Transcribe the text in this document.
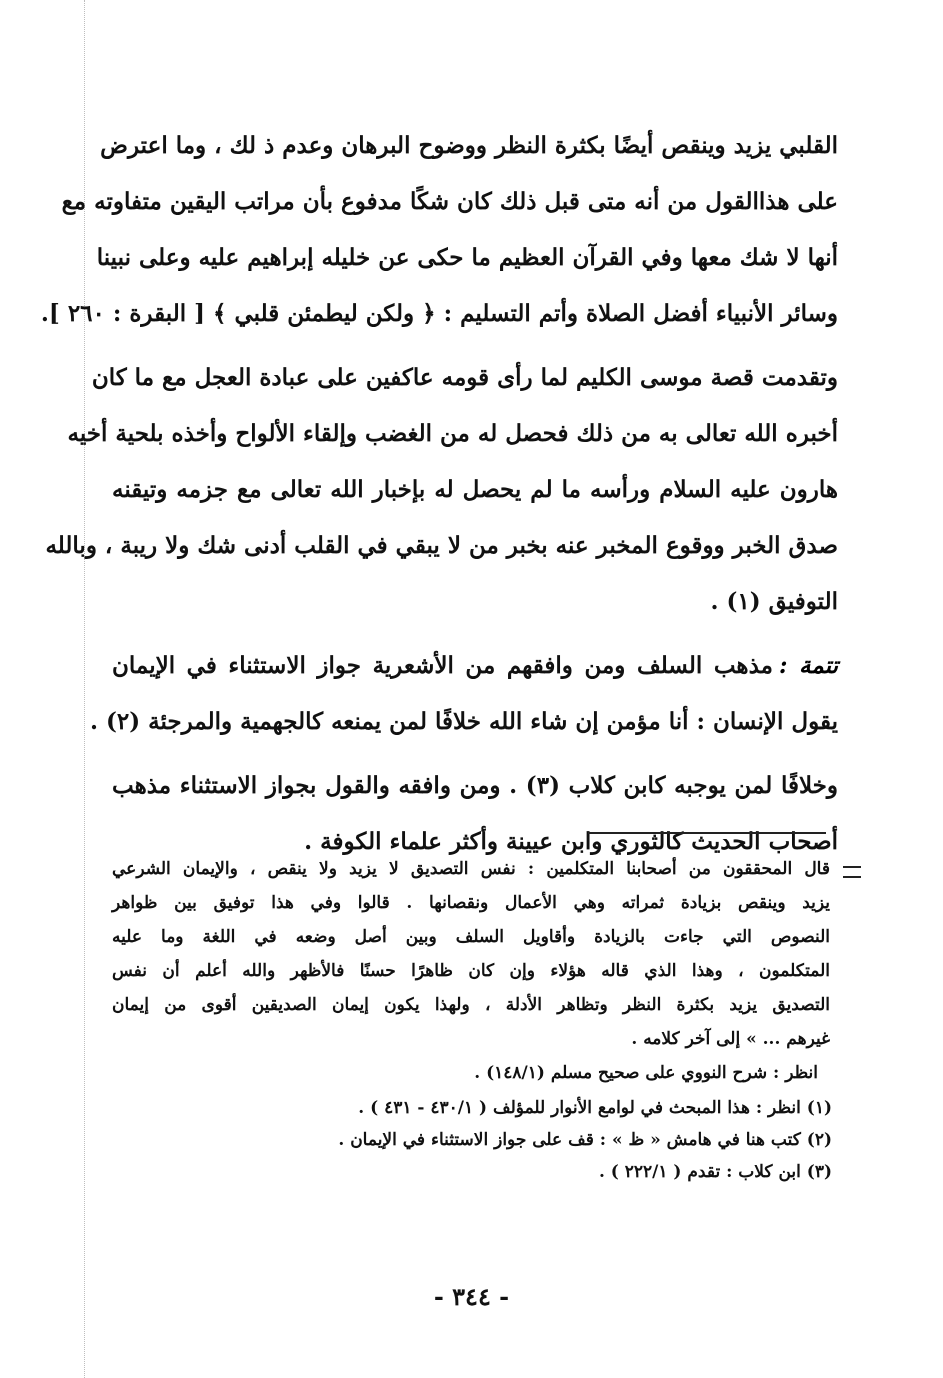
القلبي يزيد وينقص أيضًا بكثرة النظر ووضوح البرهان وعدم ذ لك ، وما اعترض
على هذاالقول من أنه متى قبل ذلك كان شكًا مدفوع بأن مراتب اليقين متفاوته مع
أنها لا شك معها وفي القرآن العظيم ما حكى عن خليله إبراهيم عليه وعلى نبينا
وسائر الأنبياء أفضل الصلاة وأتم التسليم : ﴿ ولكن ليطمئن قلبي ﴾ [ البقرة : ٢٦٠ ].
وتقدمت قصة موسى الكليم لما رأى قومه عاكفين على عبادة العجل مع ما كان
أخبره الله تعالى به من ذلك فحصل له من الغضب وإلقاء الألواح وأخذه بلحية أخيه
هارون عليه السلام ورأسه ما لم يحصل له بإخبار الله تعالى مع جزمه وتيقنه
صدق الخبر ووقوع المخبر عنه بخبر من لا يبقي في القلب أدنى شك ولا ريبة ، وبالله
التوفيق (١) .
تتمة :مذهب السلف ومن وافقهم من الأشعرية جواز الاستثناء في الإيمان
يقول الإنسان : أنا مؤمن إن شاء الله خلافًا لمن يمنعه كالجهمية والمرجئة (٢) .
وخلافًا لمن يوجبه كابن كلاب (٣) . ومن وافقه والقول بجواز الاستثناء مذهب
أصحاب الحديث كالثوري وابن عيينة وأكثر علماء الكوفة .
قال المحققون من أصحابنا المتكلمين : نفس التصديق لا يزيد ولا ينقص ، والإيمان الشرعي
يزيد وينقص بزيادة ثمراته وهي الأعمال ونقصانها . قالوا وفي هذا توفيق بين ظواهر
النصوص التي جاءت بالزيادة وأقاويل السلف وبين أصل وضعه في اللغة وما عليه
المتكلمون ، وهذا الذي قاله هؤلاء وإن كان ظاهرًا حسنًا فالأظهر والله أعلم أن نفس
التصديق يزيد بكثرة النظر وتظاهر الأدلة ، ولهذا يكون إيمان الصديقين أقوى من إيمان
غيرهم ... » إلى آخر كلامه .
انظر : شرح النووي على صحيح مسلم (١٤٨/١) .
(١) انظر : هذا المبحث في لوامع الأنوار للمؤلف ( ٤٣٠/١ - ٤٣١ ) .
(٢) كتب هنا في هامش « ظ » : قف على جواز الاستثناء في الإيمان .
(٣) ابن كلاب : تقدم ( ٢٢٢/١ ) .
- ٣٤٤ -
